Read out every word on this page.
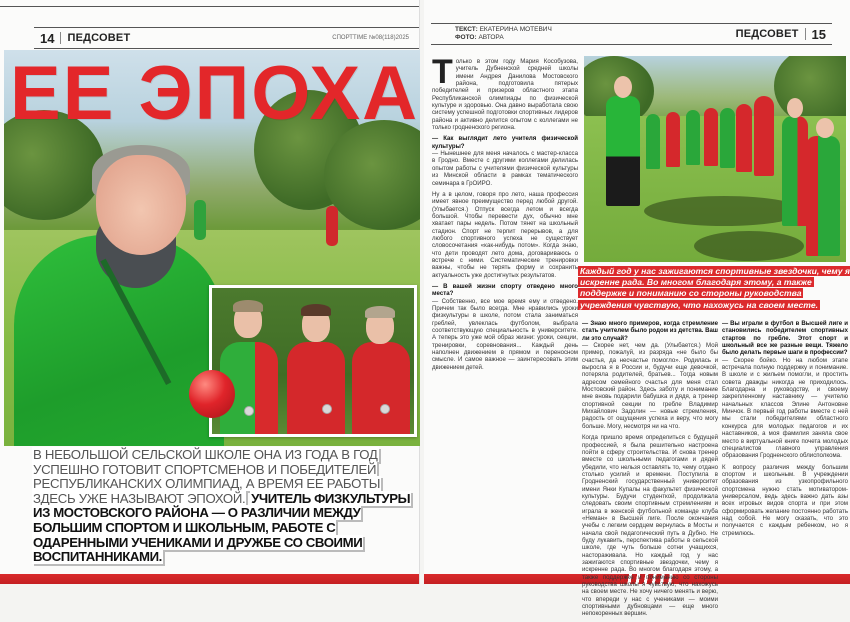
14	ПЕДСОВЕТ	СПОРТТIME №08(118)2025
ЕЕ ЭПОХА
В НЕБОЛЬШОЙ СЕЛЬСКОЙ ШКОЛЕ ОНА ИЗ ГОДА В ГОД УСПЕШНО ГОТОВИТ СПОРТСМЕНОВ И ПОБЕДИТЕЛЕЙ РЕСПУБЛИКАНСКИХ ОЛИМПИАД, А ВРЕМЯ ЕЕ РАБОТЫ ЗДЕСЬ УЖЕ НАЗЫВАЮТ ЭПОХОЙ. УЧИТЕЛЬ ФИЗКУЛЬТУРЫ ИЗ МОСТОВСКОГО РАЙОНА — О РАЗЛИЧИИ МЕЖДУ БОЛЬШИМ СПОРТОМ И ШКОЛЬНЫМ, РАБОТЕ С ОДАРЕННЫМИ УЧЕНИКАМИ И ДРУЖБЕ СО СВОИМИ ВОСПИТАННИКАМИ.
ТЕКСТ: ЕКАТЕРИНА МОТЕВИЧ
ФОТО: АВТОРА	ПЕДСОВЕТ	15

Только в этом году Мария Кособузова, учитель Дубненской средней школы имени Андрея Данилова Мостовского района, подготовила пятерых победителей и призеров областного этапа Республиканской олимпиады по физической культуре и здоровью. Она давно выработала свою систему успешной подготовки спортивных лидеров района и активно делится опытом с коллегами не только гродненского региона.

— Как выглядит лето учителя физической культуры?

— Нынешнее для меня началось с мастер-класса в Гродно. Вместе с другими коллегами делилась опытом работы с учителями физической культуры из Минской области в рамках тематического семинара в ГрОИРО.

Ну а в целом, говоря про лето, наша профессия имеет явное преимущество перед любой другой. (Улыбается.) Отпуск всегда летом и всегда большой. Чтобы перевести дух, обычно мне хватает пары недель. Потом тянет на школьный стадион. Спорт не терпит перерывов, а для любого спортивного успеха не существует словосочетания «как-нибудь потом». Когда знаю, что дети проводят лето дома, договариваюсь о встрече с ними. Систематические тренировки важны, чтобы не терять форму и сохранить актуальность уже достигнутых результатов.

— В вашей жизни спорту отведено много места?

— Собственно, все мое время ему и отведено. Причем так было всегда. Мне нравились уроки физкультуры в школе, потом стала заниматься греблей, увлеклась футболом, выбрала соответствующую специальность в университете. А теперь это уже мой образ жизни: уроки, секции, тренировки, соревнования... Каждый день наполнен движением в прямом и переносном смысле. И самое важное — заинтересовать этим движением детей.

— Знаю много примеров, когда стремление стать учителем было родом из детства. Ваш ли это случай?

— Скорее нет, чем да. (Улыбается.) Мой пример, пожалуй, из разряда «не было бы счастья, да несчастье помогло». Родилась и выросла я в России и, будучи еще девочкой, потеряла родителей, братьев... Тогда новым адресом семейного счастья для меня стал Мостовский район. Здесь заботу и понимание мне вновь подарили бабушка и дядя, а тренер спортивной секции по гребле Владимир Михайлович Задолин — новые стремления, радость от ощущения успеха и веру, что могу больше. Могу, несмотря ни на что.

Когда пришло время определиться с будущей профессией, я была решительно настроена пойти в сферу строительства. И снова тренер вместе со школьными педагогами и дядей убедили, что нельзя оставлять то, чему отдано столько усилий и времени. Поступила в Гродненский государственный университет имени Янки Купалы на факультет физической культуры. Будучи студенткой, продолжала следовать своим спортивным стремлениям и играла в женской футбольной команде клуба «Неман» в Высшей лиге. После окончания учебы с легким сердцем вернулась в Мосты и начала свой педагогический путь в Дубно. Не буду лукавить, перспектива работы в сельской школе, где чуть больше сотни учащихся, настораживала. Но каждый год у нас зажигаются спортивные звездочки, чему я искренне рада. Во многом благодаря этому, а также поддержке и пониманию со стороны руководства школы я чувствую, что нахожусь на своем месте. Не хочу ничего менять и верю, что впереди у нас с учениками — моими спортивными дубновцами — еще много непокоренных вершин.

— Вы играли в футбол в Высшей лиге и становились победителем спортивных стартов по гребле. Этот спорт и школьный все же разные вещи. Тяжело было делать первые шаги в профессии?

— Скорее бойко. Но на любом этапе встречала полную поддержку и понимание. В школе и с жильем помогли, и простить совета дважды никогда не приходилось. Благодарна и руководству, и своему закрепленному наставнику — учителю начальных классов Элине Антоновне Минчок. В первый год работы вместе с ней мы стали победителями областного конкурса для молодых педагогов и их наставников, а моя фамилия заняла свое место в виртуальной книге почета молодых специалистов главного управления образования Гродненского облисполкома.

К вопросу различия между большим спортом и школьным. В учреждении образования из узкопрофильного спортсмена нужно стать мотиватором-универсалом, ведь здесь важно дать азы всех игровых видов спорта и при этом сформировать желание постоянно работать над собой. Не могу сказать, что это получается с каждым ребенком, но я стремлюсь.

Каждый год у нас зажигаются спортивные звездочки, чему я искренне рада. Во многом благодаря этому, а также поддержке и пониманию со стороны руководства учреждения чувствую, что нахожусь на своем месте.
